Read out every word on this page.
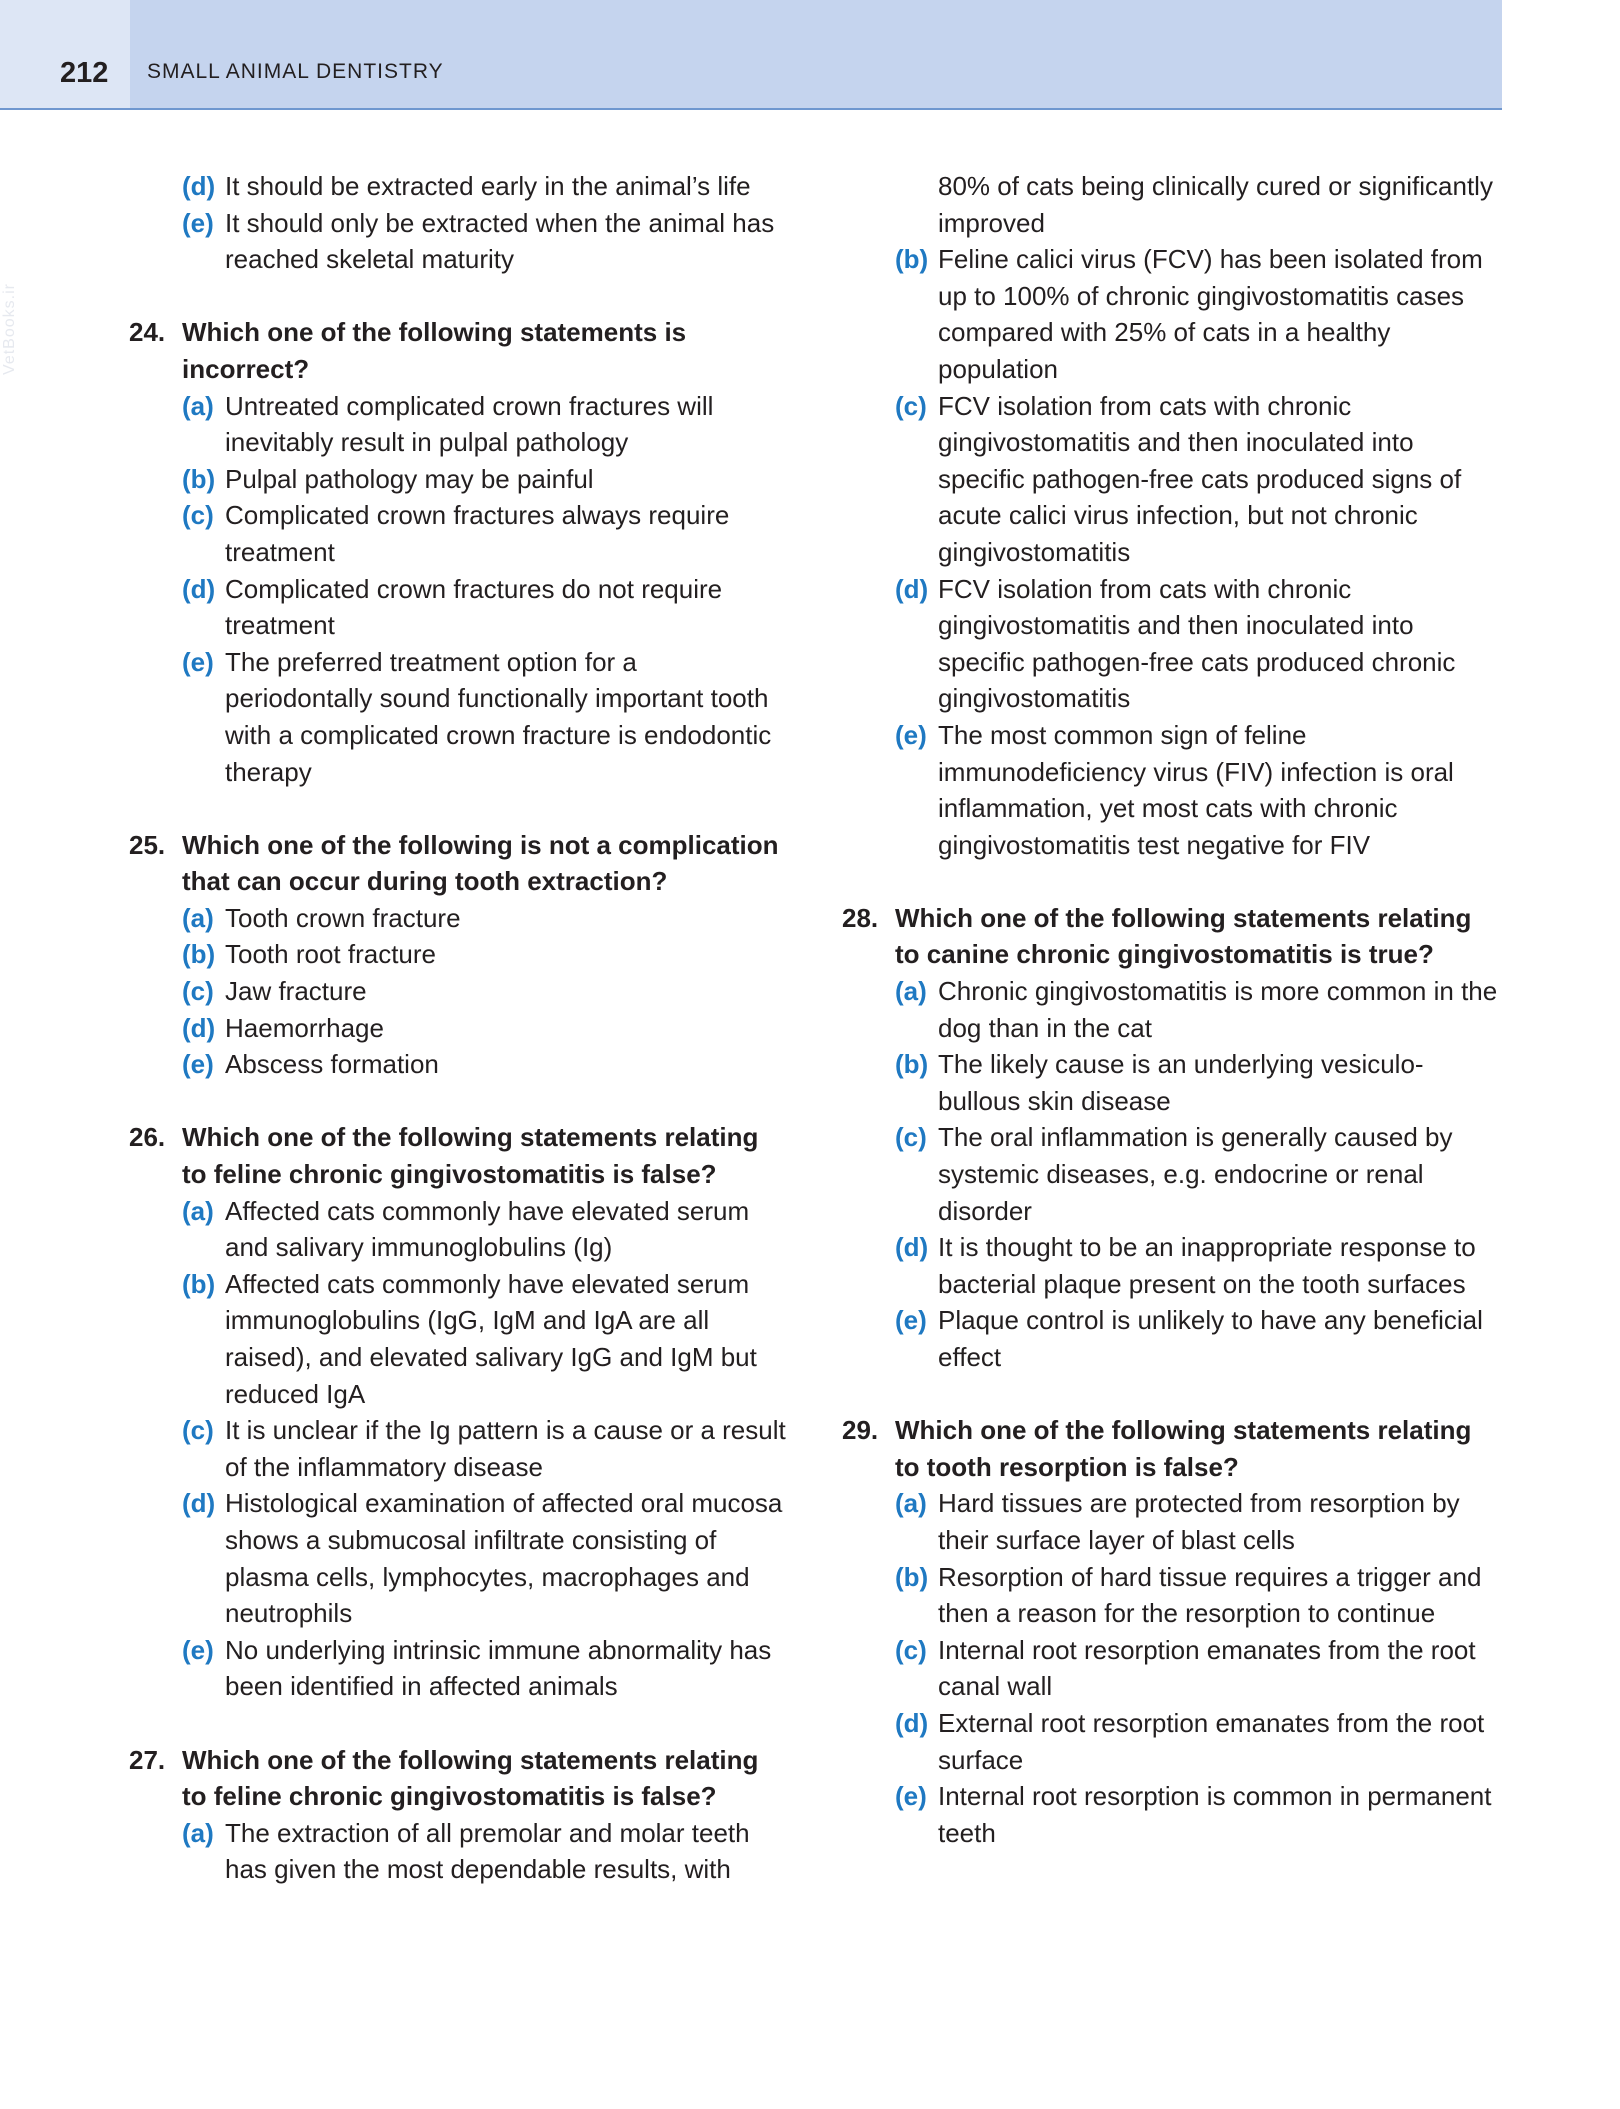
212 SMALL ANIMAL DENTISTRY
VetBooks.ir
(d) It should be extracted early in the animal’s life
(e) It should only be extracted when the animal has reached skeletal maturity
24. Which one of the following statements is incorrect?
(a) Untreated complicated crown fractures will inevitably result in pulpal pathology
(b) Pulpal pathology may be painful
(c) Complicated crown fractures always require treatment
(d) Complicated crown fractures do not require treatment
(e) The preferred treatment option for a periodontally sound functionally important tooth with a complicated crown fracture is endodontic therapy
25. Which one of the following is not a complication that can occur during tooth extraction?
(a) Tooth crown fracture
(b) Tooth root fracture
(c) Jaw fracture
(d) Haemorrhage
(e) Abscess formation
26. Which one of the following statements relating to feline chronic gingivostomatitis is false?
(a) Affected cats commonly have elevated serum and salivary immunoglobulins (Ig)
(b) Affected cats commonly have elevated serum immunoglobulins (IgG, IgM and IgA are all raised), and elevated salivary IgG and IgM but reduced IgA
(c) It is unclear if the Ig pattern is a cause or a result of the inflammatory disease
(d) Histological examination of affected oral mucosa shows a submucosal infiltrate consisting of plasma cells, lymphocytes, macrophages and neutrophils
(e) No underlying intrinsic immune abnormality has been identified in affected animals
27. Which one of the following statements relating to feline chronic gingivostomatitis is false?
(a) The extraction of all premolar and molar teeth has given the most dependable results, with
80% of cats being clinically cured or significantly improved
(b) Feline calici virus (FCV) has been isolated from up to 100% of chronic gingivostomatitis cases compared with 25% of cats in a healthy population
(c) FCV isolation from cats with chronic gingivostomatitis and then inoculated into specific pathogen-free cats produced signs of acute calici virus infection, but not chronic gingivostomatitis
(d) FCV isolation from cats with chronic gingivostomatitis and then inoculated into specific pathogen-free cats produced chronic gingivostomatitis
(e) The most common sign of feline immunodeficiency virus (FIV) infection is oral inflammation, yet most cats with chronic gingivostomatitis test negative for FIV
28. Which one of the following statements relating to canine chronic gingivostomatitis is true?
(a) Chronic gingivostomatitis is more common in the dog than in the cat
(b) The likely cause is an underlying vesiculo-bullous skin disease
(c) The oral inflammation is generally caused by systemic diseases, e.g. endocrine or renal disorder
(d) It is thought to be an inappropriate response to bacterial plaque present on the tooth surfaces
(e) Plaque control is unlikely to have any beneficial effect
29. Which one of the following statements relating to tooth resorption is false?
(a) Hard tissues are protected from resorption by their surface layer of blast cells
(b) Resorption of hard tissue requires a trigger and then a reason for the resorption to continue
(c) Internal root resorption emanates from the root canal wall
(d) External root resorption emanates from the root surface
(e) Internal root resorption is common in permanent teeth
